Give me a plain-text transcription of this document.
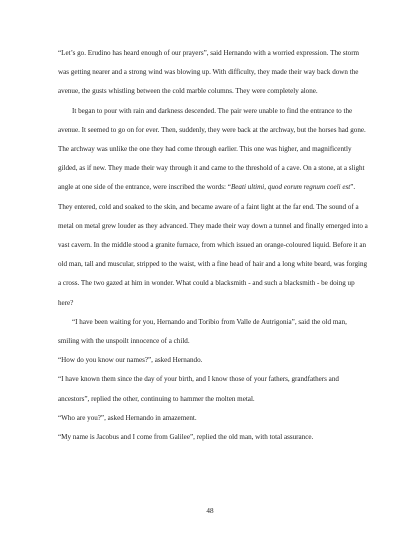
“Let’s go. Erudino has heard enough of our prayers”, said Hernando with a worried expression. The storm was getting nearer and a strong wind was blowing up. With difficulty, they made their way back down the avenue, the gusts whistling between the cold marble columns. They were completely alone.

It began to pour with rain and darkness descended. The pair were unable to find the entrance to the avenue. It seemed to go on for ever. Then, suddenly, they were back at the archway, but the horses had gone. The archway was unlike the one they had come through earlier. This one was higher, and magnificently gilded, as if new. They made their way through it and came to the threshold of a cave. On a stone, at a slight angle at one side of the entrance, were inscribed the words: “Beati ultimi, quod eorum regnum coeli est”. They entered, cold and soaked to the skin, and became aware of a faint light at the far end. The sound of a metal on metal grew louder as they advanced. They made their way down a tunnel and finally emerged into a vast cavern. In the middle stood a granite furnace, from which issued an orange-coloured liquid. Before it an old man, tall and muscular, stripped to the waist, with a fine head of hair and a long white beard, was forging a cross. The two gazed at him in wonder. What could a blacksmith - and such a blacksmith - be doing up here?

“I have been waiting for you, Hernando and Toribio from Valle de Autrigonia”, said the old man, smiling with the unspoilt innocence of a child.

“How do you know our names?”, asked Hernando.

“I have known them since the day of your birth, and I know those of your fathers, grandfathers and ancestors”, replied the other, continuing to hammer the molten metal.

“Who are you?”, asked Hernando in amazement.

“My name is Jacobus and I come from Galilee”, replied the old man, with total assurance.

48
